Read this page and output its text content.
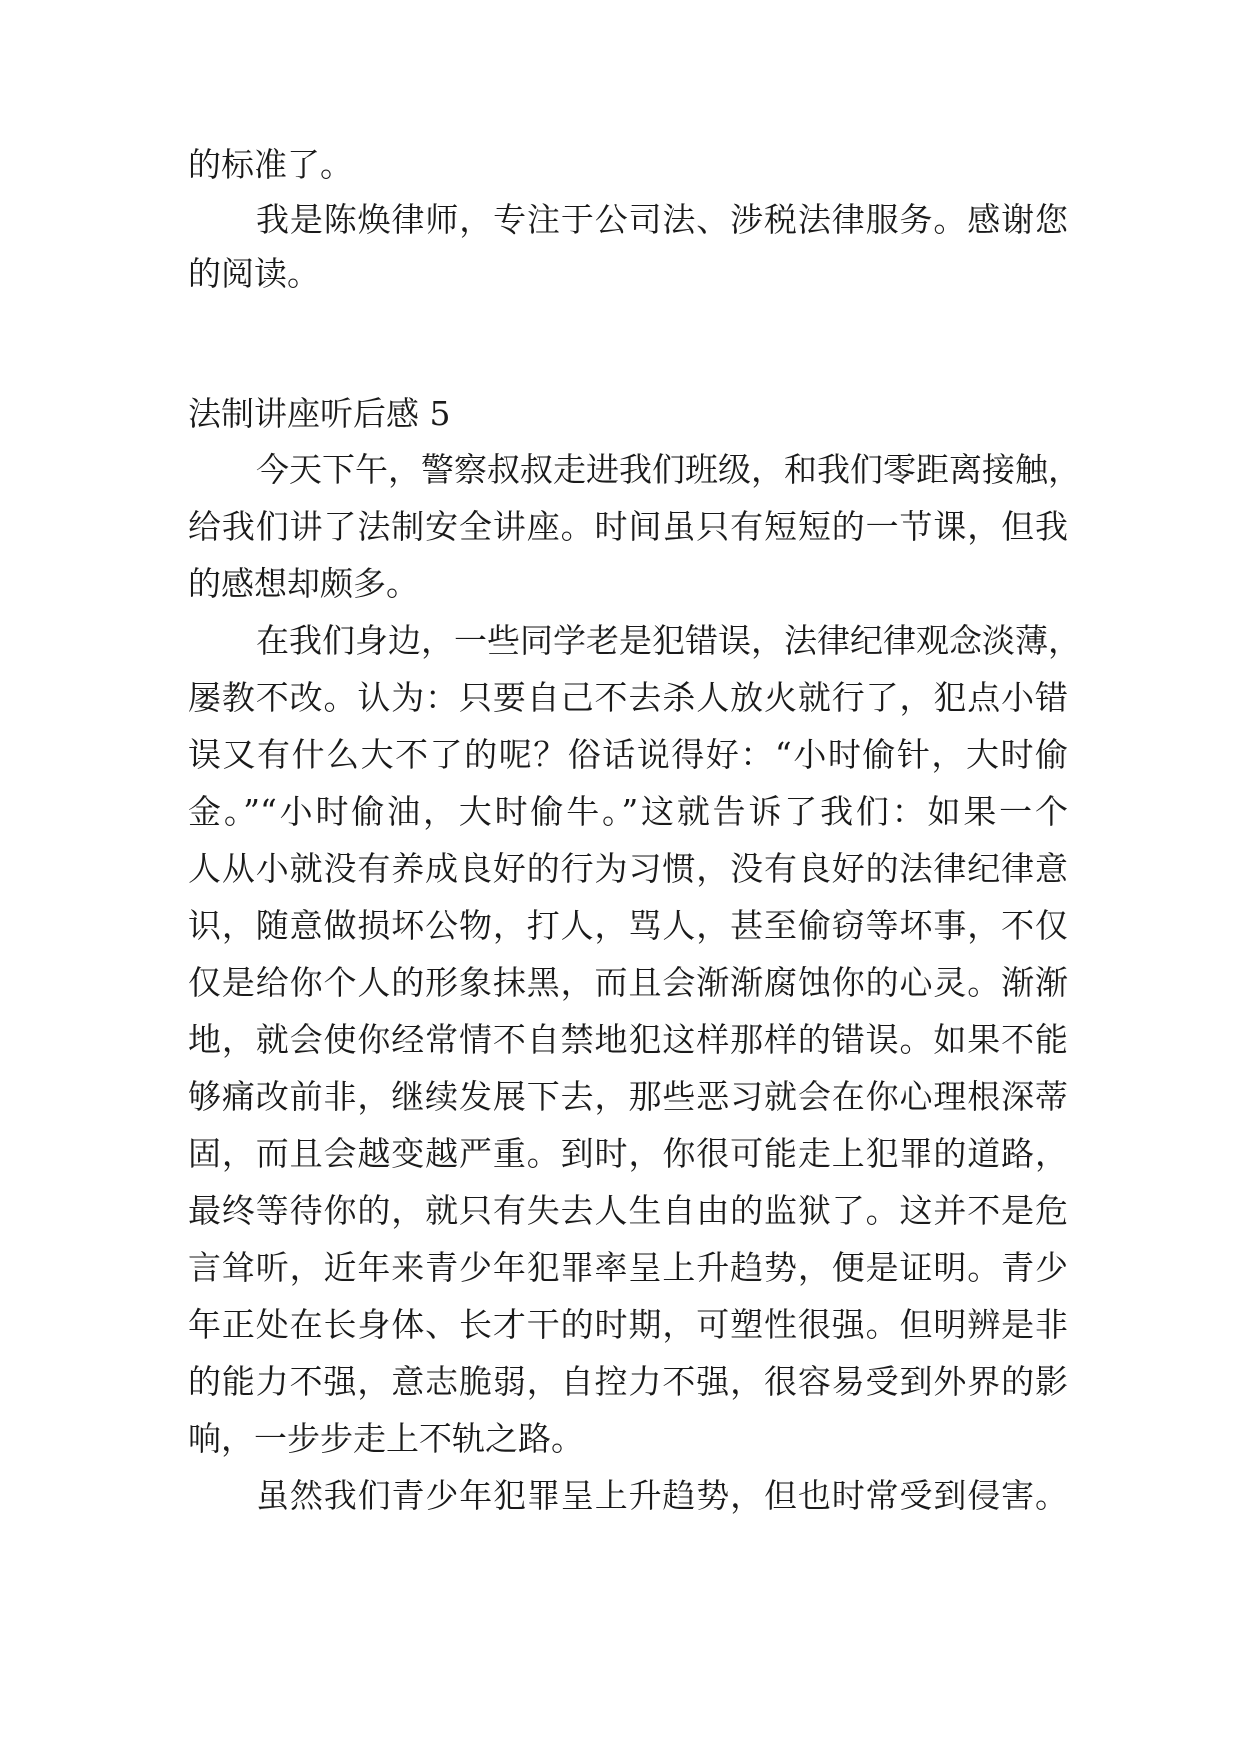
的标准了。
我是陈焕律师，专注于公司法、涉税法律服务。感谢您
的阅读。
法制讲座听后感 5
今天下午，警察叔叔走进我们班级，和我们零距离接触，
给我们讲了法制安全讲座。时间虽只有短短的一节课，但我
的感想却颇多。
在我们身边，一些同学老是犯错误，法律纪律观念淡薄，
屡教不改。认为：只要自己不去杀人放火就行了，犯点小错
误又有什么大不了的呢？俗话说得好：“小时偷针，大时偷
金。”“小时偷油，大时偷牛。”这就告诉了我们：如果一个
人从小就没有养成良好的行为习惯，没有良好的法律纪律意
识，随意做损坏公物，打人，骂人，甚至偷窃等坏事，不仅
仅是给你个人的形象抹黑，而且会渐渐腐蚀你的心灵。渐渐
地，就会使你经常情不自禁地犯这样那样的错误。如果不能
够痛改前非，继续发展下去，那些恶习就会在你心理根深蒂
固，而且会越变越严重。到时，你很可能走上犯罪的道路，
最终等待你的，就只有失去人生自由的监狱了。这并不是危
言耸听，近年来青少年犯罪率呈上升趋势，便是证明。青少
年正处在长身体、长才干的时期，可塑性很强。但明辨是非
的能力不强，意志脆弱，自控力不强，很容易受到外界的影
响，一步步走上不轨之路。
虽然我们青少年犯罪呈上升趋势，但也时常受到侵害。
